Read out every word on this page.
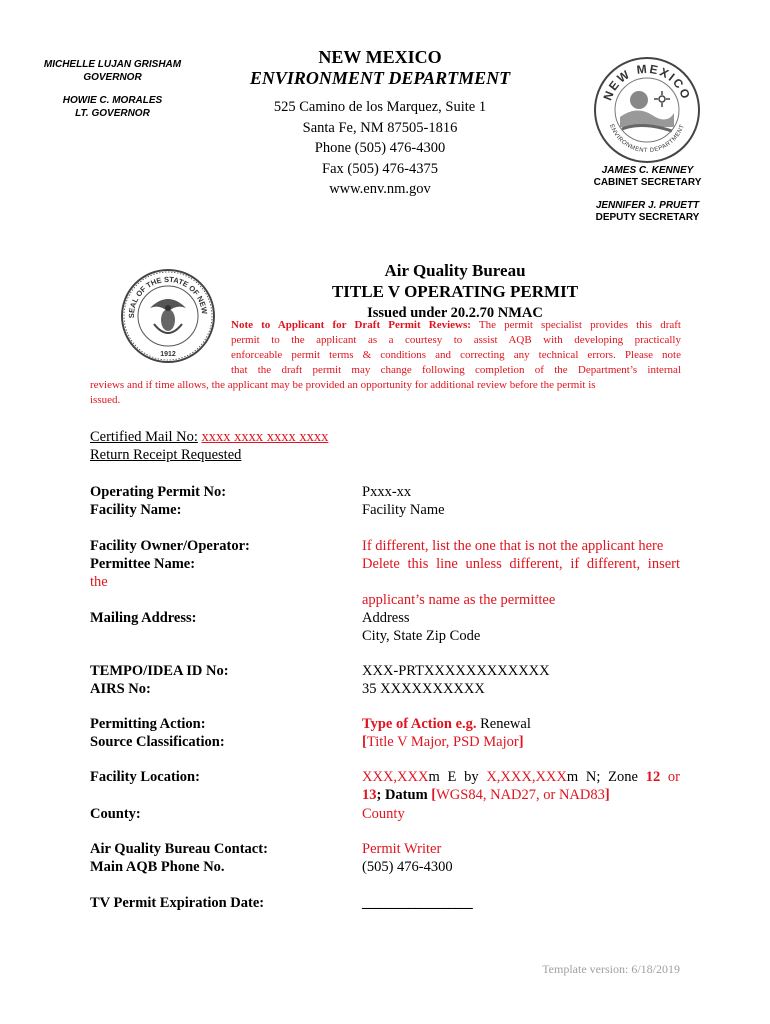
MICHELLE LUJAN GRISHAM
GOVERNOR
HOWIE C. MORALES
LT. GOVERNOR
NEW MEXICO
ENVIRONMENT DEPARTMENT
525 Camino de los Marquez, Suite 1
Santa Fe, NM 87505-1816
Phone (505) 476-4300
Fax (505) 476-4375
www.env.nm.gov
NEW MEXICO
ENVIRONMENT DEPARTMENT
JAMES C. KENNEY
CABINET SECRETARY
JENNIFER J. PRUETT
DEPUTY SECRETARY
SEAL OF THE STATE OF NEW
1912
Air Quality Bureau
TITLE V OPERATING PERMIT
Issued under 20.2.70 NMAC
Note to Applicant for Draft Permit Reviews: The permit specialist provides this draft
permit to the applicant as a courtesy to assist AQB with developing practically
enforceable permit terms & conditions and correcting any technical errors. Please note
that the draft permit may change following completion of the Department’s internal
reviews and if time allows, the applicant may be provided an opportunity for additional review before the permit is
issued.
Certified Mail No: xxxx xxxx xxxx xxxx
Return Receipt Requested
Operating Permit No:
Facility Name:
Facility Owner/Operator:
Permittee Name:
the
Mailing Address:
TEMPO/IDEA ID No:
AIRS No:
Permitting Action:
Source Classification:
Facility Location:
County:
Air Quality Bureau Contact:
Main AQB Phone No.
TV Permit Expiration Date:
Pxxx-xx
Facility Name
If different, list the one that is not the applicant here
Delete this line unless different, if different, insert
applicant’s name as the permittee
Address
City, State Zip Code
XXX-PRTXXXXXXXXXXXX
35 XXXXXXXXXX
Type of Action e.g. Renewal
[Title V Major, PSD Major]
XXX,XXXm E by X,XXX,XXXm N; Zone 12 or
13; Datum [WGS84, NAD27, or NAD83]
County
Permit Writer
(505) 476-4300
___________________
Template version: 6/18/2019
